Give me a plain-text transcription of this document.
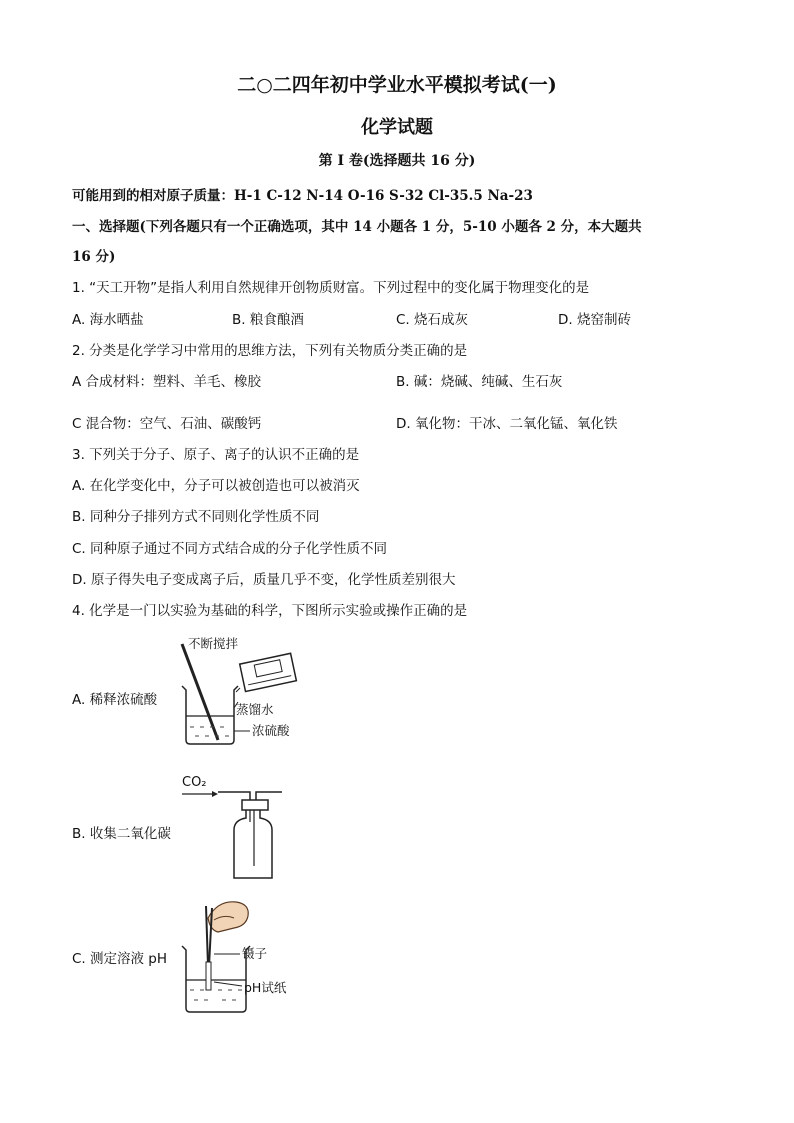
二○二四年初中学业水平模拟考试(一)
化学试题
第 I 卷(选择题共 16 分)
可能用到的相对原子质量：H-1 C-12 N-14 O-16 S-32 Cl-35.5 Na-23
一、选择题(下列各题只有一个正确选项，其中 14 小题各 1 分，5-10 小题各 2 分，本大题共
16 分)
1. “天工开物”是指人利用自然规律开创物质财富。下列过程中的变化属于物理变化的是
A. 海水晒盐	B. 粮食酿酒	C. 烧石成灰	D. 烧窑制砖
2. 分类是化学学习中常用的思维方法，下列有关物质分类正确的是
A 合成材料：塑料、羊毛、橡胶	B. 碱：烧碱、纯碱、生石灰
C 混合物：空气、石油、碳酸钙	D. 氧化物：干冰、二氧化锰、氧化铁
3. 下列关于分子、原子、离子的认识不正确的是
A. 在化学变化中，分子可以被创造也可以被消灭
B. 同种分子排列方式不同则化学性质不同
C. 同种原子通过不同方式结合成的分子化学性质不同
D. 原子得失电子变成离子后，质量几乎不变，化学性质差别很大
4. 化学是一门以实验为基础的科学，下图所示实验或操作正确的是
A. 稀释浓硫酸
不断搅拌
蒸馏水
浓硫酸
B. 收集二氧化碳
CO₂
C. 测定溶液 pH	镊子
pH试纸
